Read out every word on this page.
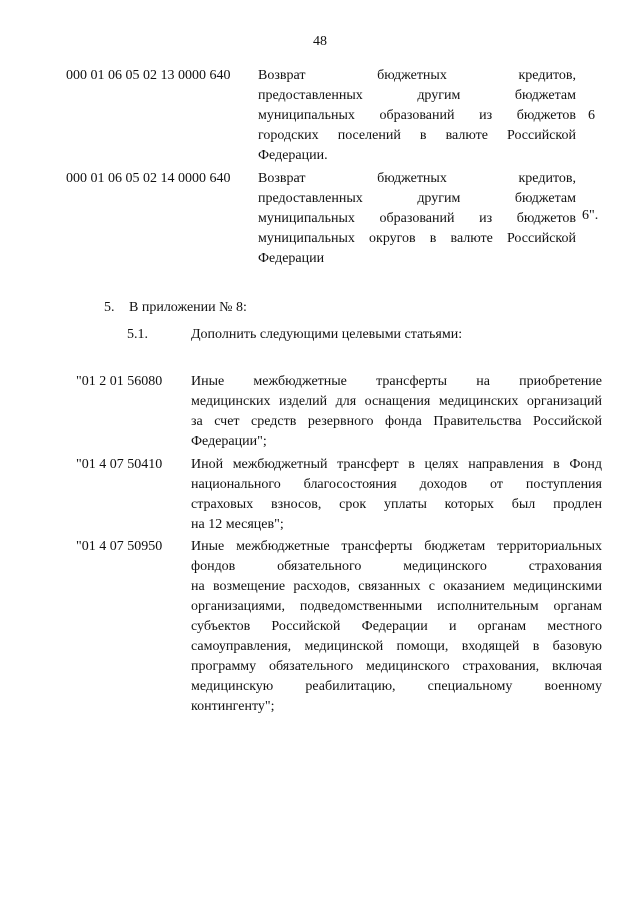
48
000 01 06 05 02 13 0000 640 Возврат бюджетных кредитов,
предоставленных другим бюджетам
муниципальных образований из бюджетов
городских поселений в валюте Российской
Федерации.
6
000 01 06 05 02 14 0000 640 Возврат бюджетных кредитов,
предоставленных другим бюджетам
муниципальных образований из бюджетов
муниципальных округов в валюте Российской
Федерации
6".
5. В приложении № 8:
5.1.	Дополнить следующими целевыми статьями:
"01 2 01 56080 Иные межбюджетные трансферты на приобретение
медицинских изделий для оснащения медицинских организаций
за счет средств резервного фонда Правительства Российской
Федерации";
"01 4 07 50410 Иной межбюджетный трансферт в целях направления в Фонд
национального благосостояния доходов от поступления
страховых взносов, срок уплаты которых был продлен
на 12 месяцев";
"01 4 07 50950 Иные межбюджетные трансферты бюджетам территориальных
фондов обязательного медицинского страхования
на возмещение расходов, связанных с оказанием медицинскими
организациями, подведомственными исполнительным органам
субъектов Российской Федерации и органам местного
самоуправления, медицинской помощи, входящей в базовую
программу обязательного медицинского страхования, включая
медицинскую реабилитацию, специальному военному
контингенту";
